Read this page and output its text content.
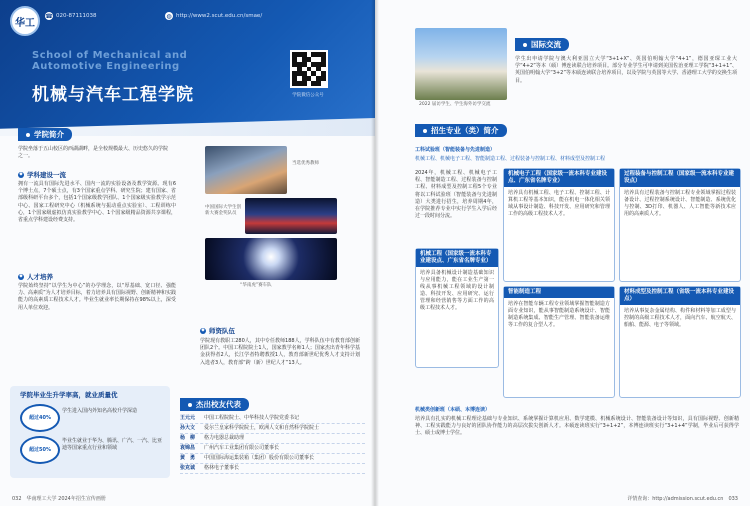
华工
☎ 020-87111038	◍ http://www2.scut.edu.cn/smae/
School of Mechanical and
Automotive Engineering
机械与汽车工程学院	学院微信公众号
学院简介
学院坐落于五山校区的西湖湖畔，是全校规模最大、历史悠久的学院之一。
◆ 学科建设一流
拥有一流具有国际先进水平、国内一流的实验设备及教学资源。现有6个博士点，7个硕士点，有3个国家重点学科、研究生院；建有国家、省部级科研平台多个，包括1个国家级教学团队、1个国家级实验教学示范中心、国家工程研究中心（机械系统与振动重点实验室）、工程训练中心，1个国家级虚拟仿真实验教学中心、1个国家级精品资源共享课程，省重点学科建设经费支持。
◆ 人才培养
学院始终坚持“以学生为中心”的办学理念，以“厚基础、宽口径、强能力、高素质”为人才培养目标，着力培养具有国际视野、创新精神和实践能力的高素质工程技术人才。毕业生就业率长期保持在98%以上，深受用人单位欢迎。
当选优秀教师
中国国际大学生创新大赛金奖队员
“华南虎”赛车队
◆ 师资队伍
学院现有教职工280人，其中专任教师188人，学科队伍中有教育部创新团队2个。中国工程院院士1人，国家教学名师1人；国家杰出青年科学基金获得者2人，长江学者特聘教授1人，教育部新世纪优秀人才支持计划入选者3人，教育部“跨（新）世纪人才”13人。
学院毕业生升学率高，就业质量优
超过40%
学生进入国内外知名高校升学深造
超过50%
毕业生就业于华为、腾讯、广汽、一汽、比亚迪等国家重点行业和领域
杰出校友代表
王元元	中国工程院院士、中华科技人学院党委书记
孙大文	爱尔兰皇家科学院院士，欧洲人文和自然科学院院士
杨　柳	格力电器总裁助理
袁锦昌	广州汽车工业集团有限公司董事长
黄　勇	中国国际海运集装箱（集团）股份有限公司董事长
张克诚	格林电子董事长
032　华南理工大学 2024年招生宣传画册
2022 届访学生、学生海外访学交流
国际交流
学生出申请学院与澳大利亚国立大学“3+1+X”、英国伯明翰大学“4+1”，德国亚琛工业大学“4+2”等本（硕）博连读联合培养项目。部分专业学生可申请到美国佐治亚理工学院“3+1+1”、英国伯明翰大学“3+2”等本硕连读联合培养项目，以及学院与英国等大学、香港理工大学的交换生项目。
招生专业（类）简介
工科试验班（智能装备与先进制造）
机械工程、机械电子工程、智能制造工程、过程装备与控制工程、材料成型及控制工程
2024年，机械工程、机械电子工程、智能制造工程、过程装备与控制工程、材料成型及控制工程5个专业将以工科试验班（智能装备与先进制造）大类进行招生，培养周期4年，在学院推荐专业中实行学生入学后经过一段时间分流。
机械电子工程（国家级一流本科专业建设点、广东省名牌专业）
培养具有机械工程、电子工程、控制工程、计算机工程等基本知识，能在机电一体化相关领域从事设计制造、科技开发、应用研究和管理工作的高级工程技术人才。
过程装备与控制工程（国家级一流本科专业建设点）
培养具有过程装备与控制工程专业领域掌握过程装备设计、过程控制系统设计、智能制造、系统优化与控制、3D打印、机器人、人工智能等新技术应用的高素质人才。
机械工程（国家级一流本科专业建设点、广东省名牌专业）
培养具备机械设计制造基础知识与应用能力，能在工业生产第一线从事机械工程领域的设计制造、科技开发、应用研究、运行管理和经营销售等方面工作的高级工程技术人才。
智能制造工程
培养在智能车辆工程专业领域掌握智能制造方面专业知识，能从事智能制造系统设计、智能制造系统集成、智能生产管理、智能装备运维等工作的复合型人才。
材料成型及控制工程（省级一流本科专业建设点）
培养从事复杂金属结构、构件和材料等加工成型与控制的高级工程技术人才，面向汽车、航空航天、船舶、能源、电子等领域。
机械类创新班（本硕、本博连读）
培养具有扎实的机械工程理论基础与专业知识、系统掌握计算机应用、数学建模、机械系统设计、智能装备设计等知识，具有国际视野、创新精神、工程实践能力与良好的团队协作能力的高层次拔尖创新人才。本硕连读班实行“3+1+2”，本博连读班实行“3+1+4”学制，毕业后可获得学士、硕士或博士学位。
详情查询：http://admission.scut.edu.cn　033
